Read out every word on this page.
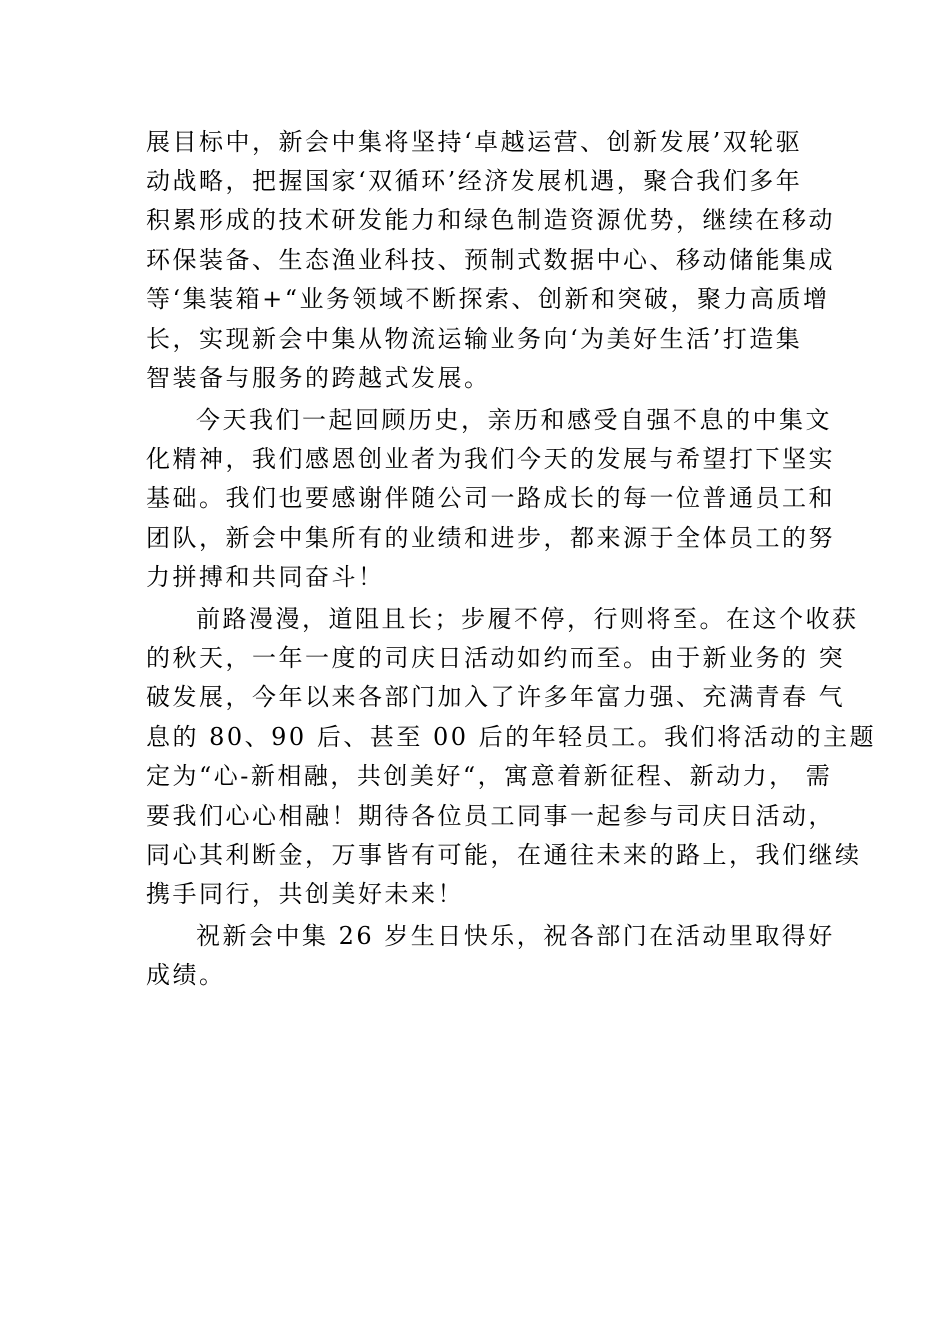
展目标中，新会中集将坚持‘卓越运营、创新发展’双轮驱
动战略，把握国家‘双循环’经济发展机遇，聚合我们多年
积累形成的技术研发能力和绿色制造资源优势，继续在移动
环保装备、生态渔业科技、预制式数据中心、移动储能集成
等‘集装箱+“业务领域不断探索、创新和突破，聚力高质增
长，实现新会中集从物流运输业务向‘为美好生活’打造集
智装备与服务的跨越式发展。
今天我们一起回顾历史，亲历和感受自强不息的中集文
化精神，我们感恩创业者为我们今天的发展与希望打下坚实
基础。我们也要感谢伴随公司一路成长的每一位普通员工和
团队，新会中集所有的业绩和进步，都来源于全体员工的努
力拼搏和共同奋斗！
前路漫漫，道阻且长；步履不停，行则将至。在这个收获
的秋天，一年一度的司庆日活动如约而至。由于新业务的 突
破发展，今年以来各部门加入了许多年富力强、充满青春 气
息的 80、90 后、甚至 00 后的年轻员工。我们将活动的主题
定为“心-新相融，共创美好“，寓意着新征程、新动力， 需
要我们心心相融！期待各位员工同事一起参与司庆日活动，
同心其利断金，万事皆有可能，在通往未来的路上，我们继续
携手同行，共创美好未来！
祝新会中集 26 岁生日快乐，祝各部门在活动里取得好
成绩。
